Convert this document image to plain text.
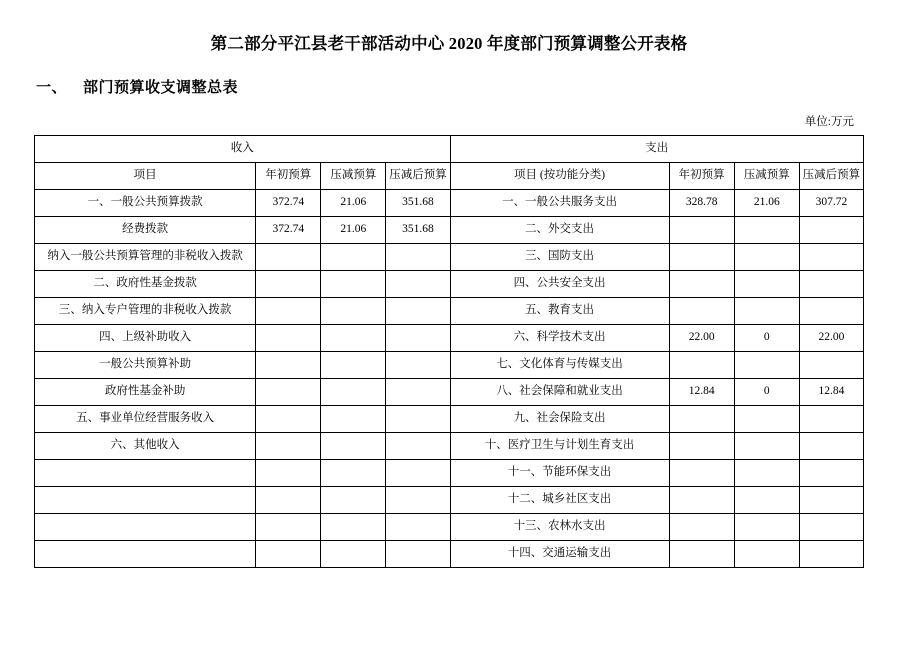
第二部分平江县老干部活动中心 2020 年度部门预算调整公开表格
一、 部门预算收支调整总表
单位:万元
收入				支出			
项目	年初预算	压减预算	压减后预算	项目 (按功能分类)	年初预算	压减预算	压减后预算
一、一般公共预算拨款	372.74	21.06	351.68	一、一般公共服务支出	328.78	21.06	307.72
经费拨款	372.74	21.06	351.68	二、外交支出			
纳入一般公共预算管理的非税收入拨款				三、国防支出			
二、政府性基金拨款				四、公共安全支出			
三、纳入专户管理的非税收入拨款				五、教育支出			
四、上级补助收入				六、科学技术支出	22.00	0	22.00
一般公共预算补助				七、文化体育与传媒支出			
政府性基金补助				八、社会保障和就业支出	12.84	0	12.84
五、事业单位经营服务收入				九、社会保险支出			
六、其他收入				十、医疗卫生与计划生育支出			
				十一、节能环保支出			
				十二、城乡社区支出			
				十三、农林水支出			
				十四、交通运输支出			
